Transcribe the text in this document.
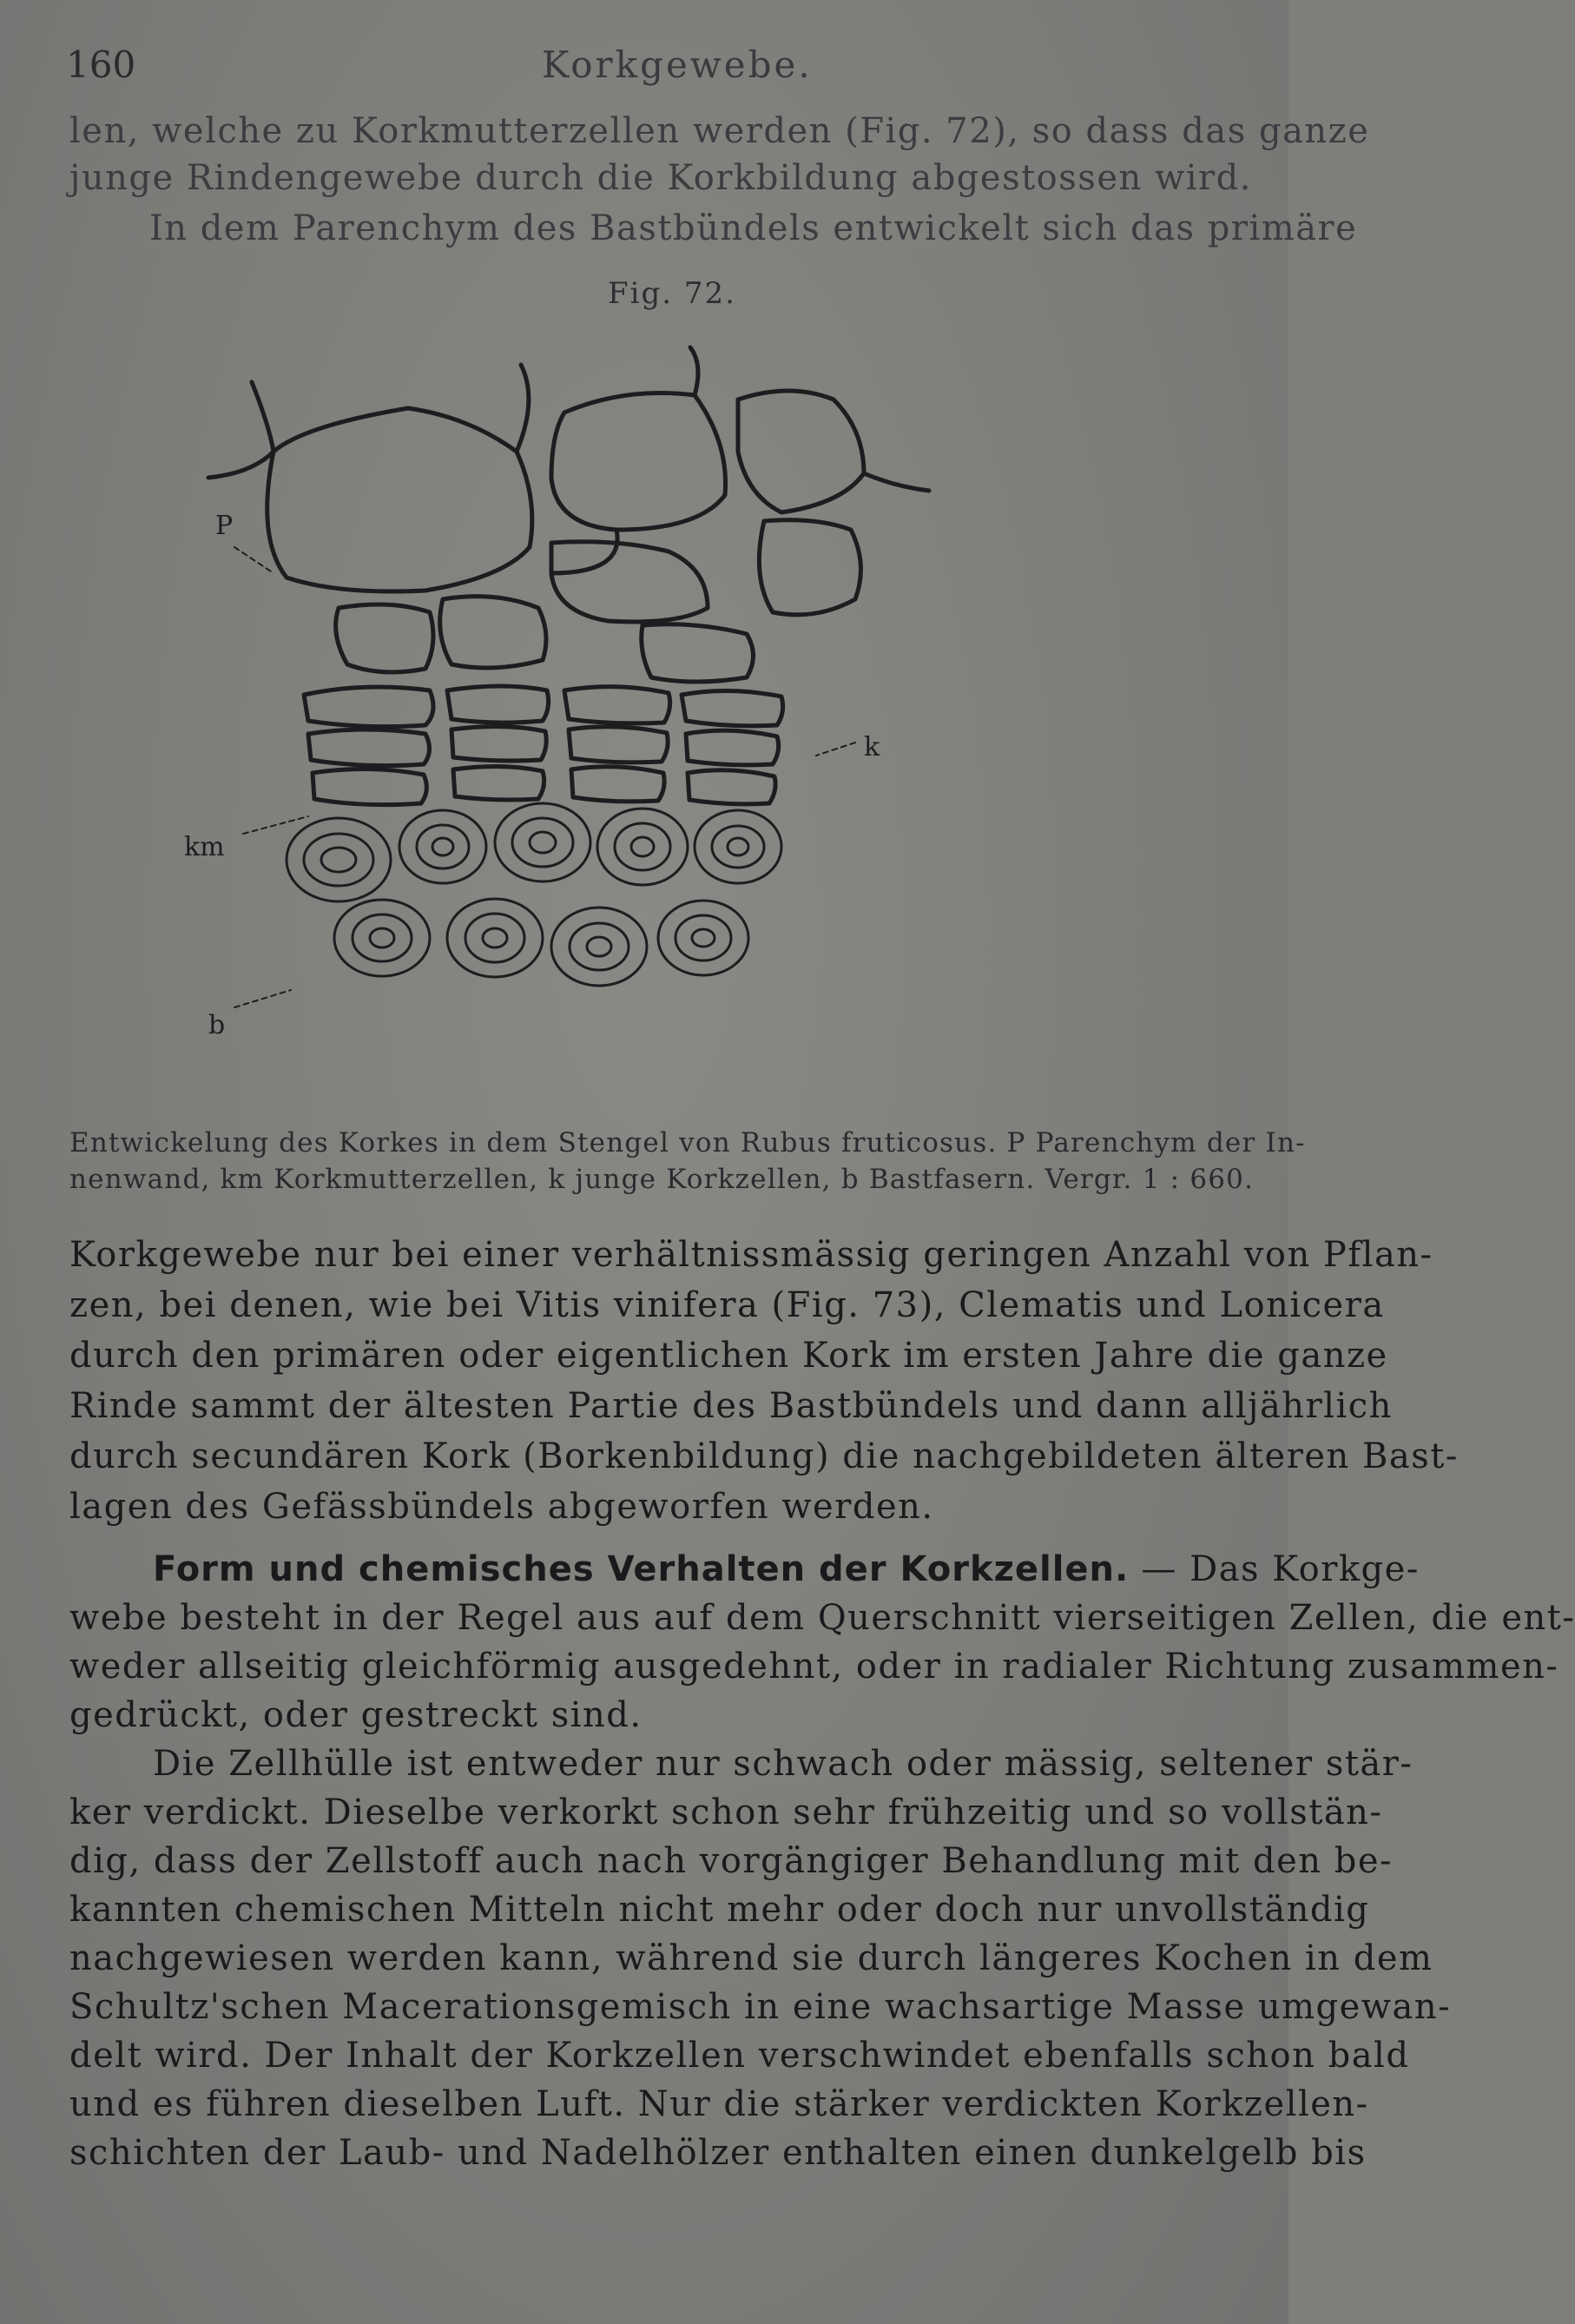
160	Korkgewebe.
len, welche zu Korkmutterzellen werden (Fig. 72), so dass das ganze
junge Rindengewebe durch die Korkbildung abgestossen wird.
In dem Parenchym des Bastbündels entwickelt sich das primäre
Fig. 72.
P
km
k
b
Entwickelung des Korkes in dem Stengel von Rubus fruticosus. P Parenchym der In-
nenwand, km Korkmutterzellen, k junge Korkzellen, b Bastfasern. Vergr. 1 : 660.
Korkgewebe nur bei einer verhältnissmässig geringen Anzahl von Pflan-
zen, bei denen, wie bei Vitis vinifera (Fig. 73), Clematis und Lonicera
durch den primären oder eigentlichen Kork im ersten Jahre die ganze
Rinde sammt der ältesten Partie des Bastbündels und dann alljährlich
durch secundären Kork (Borkenbildung) die nachgebildeten älteren Bast-
lagen des Gefässbündels abgeworfen werden.
Form und chemisches Verhalten der Korkzellen. — Das Korkge-
webe besteht in der Regel aus auf dem Querschnitt vierseitigen Zellen, die ent-
weder allseitig gleichförmig ausgedehnt, oder in radialer Richtung zusammen-
gedrückt, oder gestreckt sind.
Die Zellhülle ist entweder nur schwach oder mässig, seltener stär-
ker verdickt. Dieselbe verkorkt schon sehr frühzeitig und so vollstän-
dig, dass der Zellstoff auch nach vorgängiger Behandlung mit den be-
kannten chemischen Mitteln nicht mehr oder doch nur unvollständig
nachgewiesen werden kann, während sie durch längeres Kochen in dem
Schultz'schen Macerationsgemisch in eine wachsartige Masse umgewan-
delt wird. Der Inhalt der Korkzellen verschwindet ebenfalls schon bald
und es führen dieselben Luft. Nur die stärker verdickten Korkzellen-
schichten der Laub- und Nadelhölzer enthalten einen dunkelgelb bis
